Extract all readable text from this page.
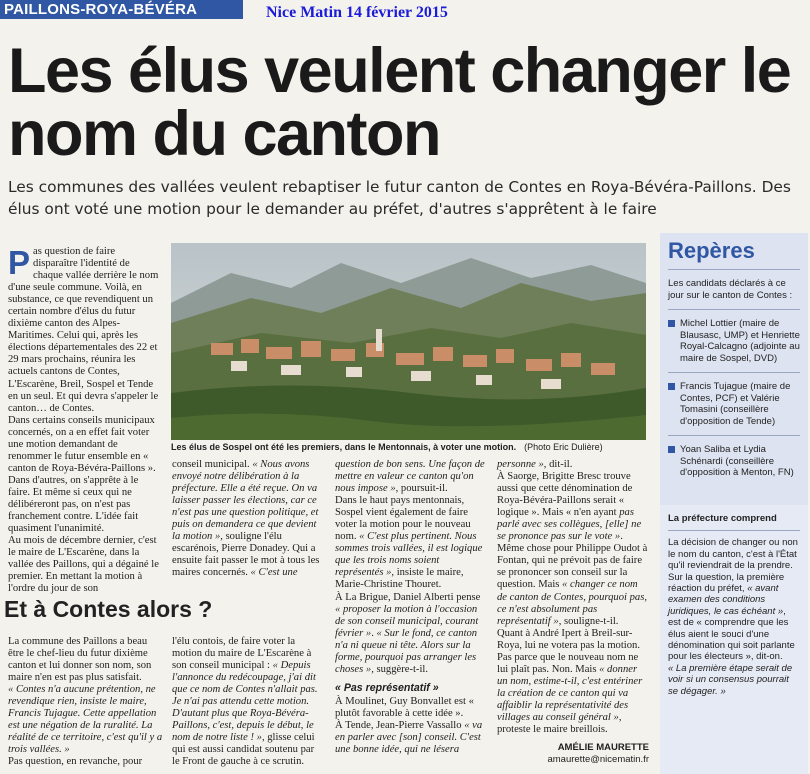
PAILLONS-ROYA-BÉVÉRA	Nice Matin 14 février 2015
Les élus veulent changer le nom du canton

Les communes des vallées veulent rebaptiser le futur canton de Contes en Roya-Bévéra-Paillons. Des élus ont voté une motion pour le demander au préfet, d'autres s'apprêtent à le faire

Pas question de faire disparaître l'identité de chaque vallée derrière le nom d'une seule commune. Voilà, en substance, ce que revendiquent un certain nombre d'élus du futur dixième canton des Alpes-Maritimes. Celui qui, après les élections départementales des 22 et 29 mars prochains, réunira les actuels cantons de Contes, L'Escarène, Breil, Sospel et Tende en un seul. Et qui devra s'appeler le canton… de Contes.

Dans certains conseils municipaux concernés, on a en effet fait voter une motion demandant de renommer le futur ensemble en « canton de Roya-Bévéra-Paillons ». Dans d'autres, on s'apprête à le faire. Et même si ceux qui ne délibéreront pas, on n'est pas franchement contre. L'idée fait quasiment l'unanimité.

Au mois de décembre dernier, c'est le maire de L'Escarène, dans la vallée des Paillons, qui a dégainé le premier. En mettant la motion à l'ordre du jour de son

Les élus de Sospel ont été les premiers, dans le Mentonnais, à voter une motion. (Photo Eric Dulière)

conseil municipal. « Nous avons envoyé notre délibération à la préfecture. Elle a été reçue. On va laisser passer les élections, car ce n'est pas une question politique, et puis on demandera ce que devient la motion », souligne l'élu escarénois, Pierre Donadey. Qui a ensuite fait passer le mot à tous les maires concernés. « C'est une

question de bon sens. Une façon de mettre en valeur ce canton qu'on nous impose », poursuit-il.

Dans le haut pays mentonnais, Sospel vient également de faire voter la motion pour le nouveau nom. « C'est plus pertinent. Nous sommes trois vallées, il est logique que les trois noms soient représentés », insiste le maire, Marie-Christine Thouret.

À La Brigue, Daniel Alberti pense « proposer la motion à l'occasion de son conseil municipal, courant février ». « Sur le fond, ce canton n'a ni queue ni tête. Alors sur la forme, pourquoi pas arranger les choses », suggère-t-il.

« Pas représentatif »

À Moulinet, Guy Bonvallet est « plutôt favorable à cette idée ».

À Tende, Jean-Pierre Vassallo « va en parler avec [son] conseil. C'est une bonne idée, qui ne lésera

personne », dit-il.

À Saorge, Brigitte Bresc trouve aussi que cette dénomination de Roya-Bévéra-Paillons serait « logique ». Mais « n'en ayant pas parlé avec ses collègues, [elle] ne se prononce pas sur le vote ».

Même chose pour Philippe Oudot à Fontan, qui ne prévoit pas de faire se prononcer son conseil sur la question. Mais « changer ce nom de canton de Contes, pourquoi pas, ce n'est absolument pas représentatif », souligne-t-il.

Quant à André Ipert à Breil-sur-Roya, lui ne votera pas la motion. Pas parce que le nouveau nom ne lui plaît pas. Non. Mais « donner un nom, estime-t-il, c'est entériner la création de ce canton qui va affaiblir la représentativité des villages au conseil général », proteste le maire breillois.

AMÉLIE MAURETTE

amaurette@nicematin.fr

Et à Contes alors ?

La commune des Paillons a beau être le chef-lieu du futur dixième canton et lui donner son nom, son maire n'en est pas plus satisfait.

« Contes n'a aucune prétention, ne revendique rien, insiste le maire, Francis Tujague. Cette appellation est une négation de la ruralité. La réalité de ce territoire, c'est qu'il y a trois vallées. »

Pas question, en revanche, pour

l'élu contois, de faire voter la motion du maire de L'Escarène à son conseil municipal : « Depuis l'annonce du redécoupage, j'ai dit que ce nom de Contes n'allait pas. Je n'ai pas attendu cette motion. D'autant plus que Roya-Bévéra-Paillons, c'est, depuis le début, le nom de notre liste ! », glisse celui qui est aussi candidat soutenu par le Front de gauche à ce scrutin.

Repères

Les candidats déclarés à ce jour sur le canton de Contes :

Michel Lottier (maire de Blausasc, UMP) et Henriette Royal-Calcagno (adjointe au maire de Sospel, DVD)

Francis Tujague (maire de Contes, PCF) et Valérie Tomasini (conseillère d'opposition de Tende)

Yoan Saliba et Lydia Schénardi (conseillère d'opposition à Menton, FN)

La préfecture comprend

La décision de changer ou non le nom du canton, c'est à l'État qu'il reviendrait de la prendre.

Sur la question, la première réaction du préfet, « avant examen des conditions juridiques, le cas échéant », est de « comprendre que les élus aient le souci d'une dénomination qui soit parlante pour les électeurs », dit-on.

« La première étape serait de voir si un consensus pourrait se dégager. »
